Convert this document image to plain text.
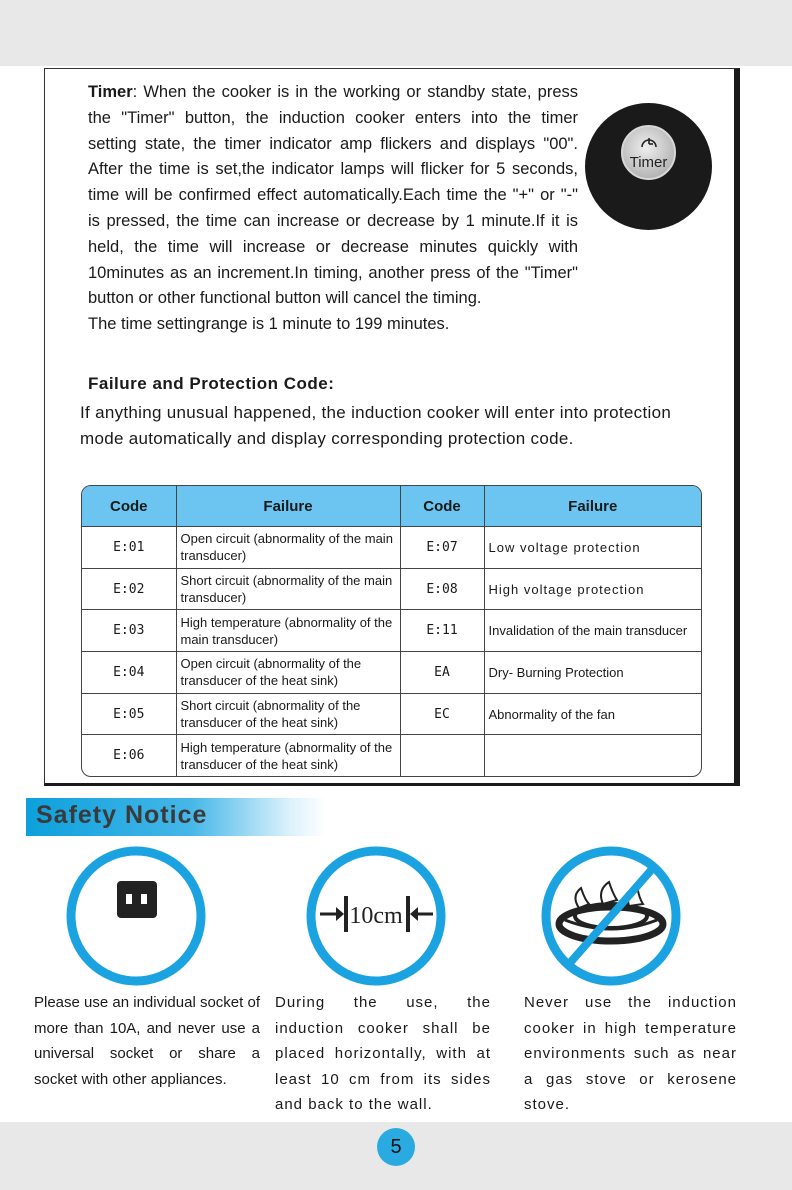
Timer: When the cooker is in the working or standby state, press the "Timer" button, the induction cooker enters into the timer setting state, the timer indicator amp flickers and displays "00". After the time is set,the indicator lamps will flicker for 5 seconds, time will be confirmed effect automatically.Each time the "+" or "-" is pressed, the time can increase or decrease by 1 minute.If it is held, the time will increase or decrease minutes quickly with 10minutes as an increment.In timing, another press of the "Timer" button or other functional button will cancel the timing.

The time settingrange is 1 minute to 199 minutes.

Timer
Failure and Protection Code:

If anything unusual happened, the induction cooker will enter into protection mode automatically and display corresponding protection code.

Code	Failure	Code	Failure
E:01	Open circuit (abnormality of the main transducer)	E:07	Low voltage protection
E:02	Short circuit (abnormality of the main transducer)	E:08	High voltage protection
E:03	High temperature (abnormality of the main transducer)	E:11	Invalidation of the main transducer
E:04	Open circuit (abnormality of the transducer of the heat sink)	EA	Dry- Burning Protection
E:05	Short circuit (abnormality of the transducer of the heat sink)	EC	Abnormality of the fan
E:06	High temperature (abnormality of the transducer of the heat sink)		
Safety Notice
10cm
Please use an individual socket of more than 10A, and never use a universal socket or share a socket with other appliances.
During the use, the induction cooker shall be placed horizontally, with at least 10 cm from its sides and back to the wall.
Never use the induction cooker in high temperature environments such as near a gas stove or kerosene stove.
5
